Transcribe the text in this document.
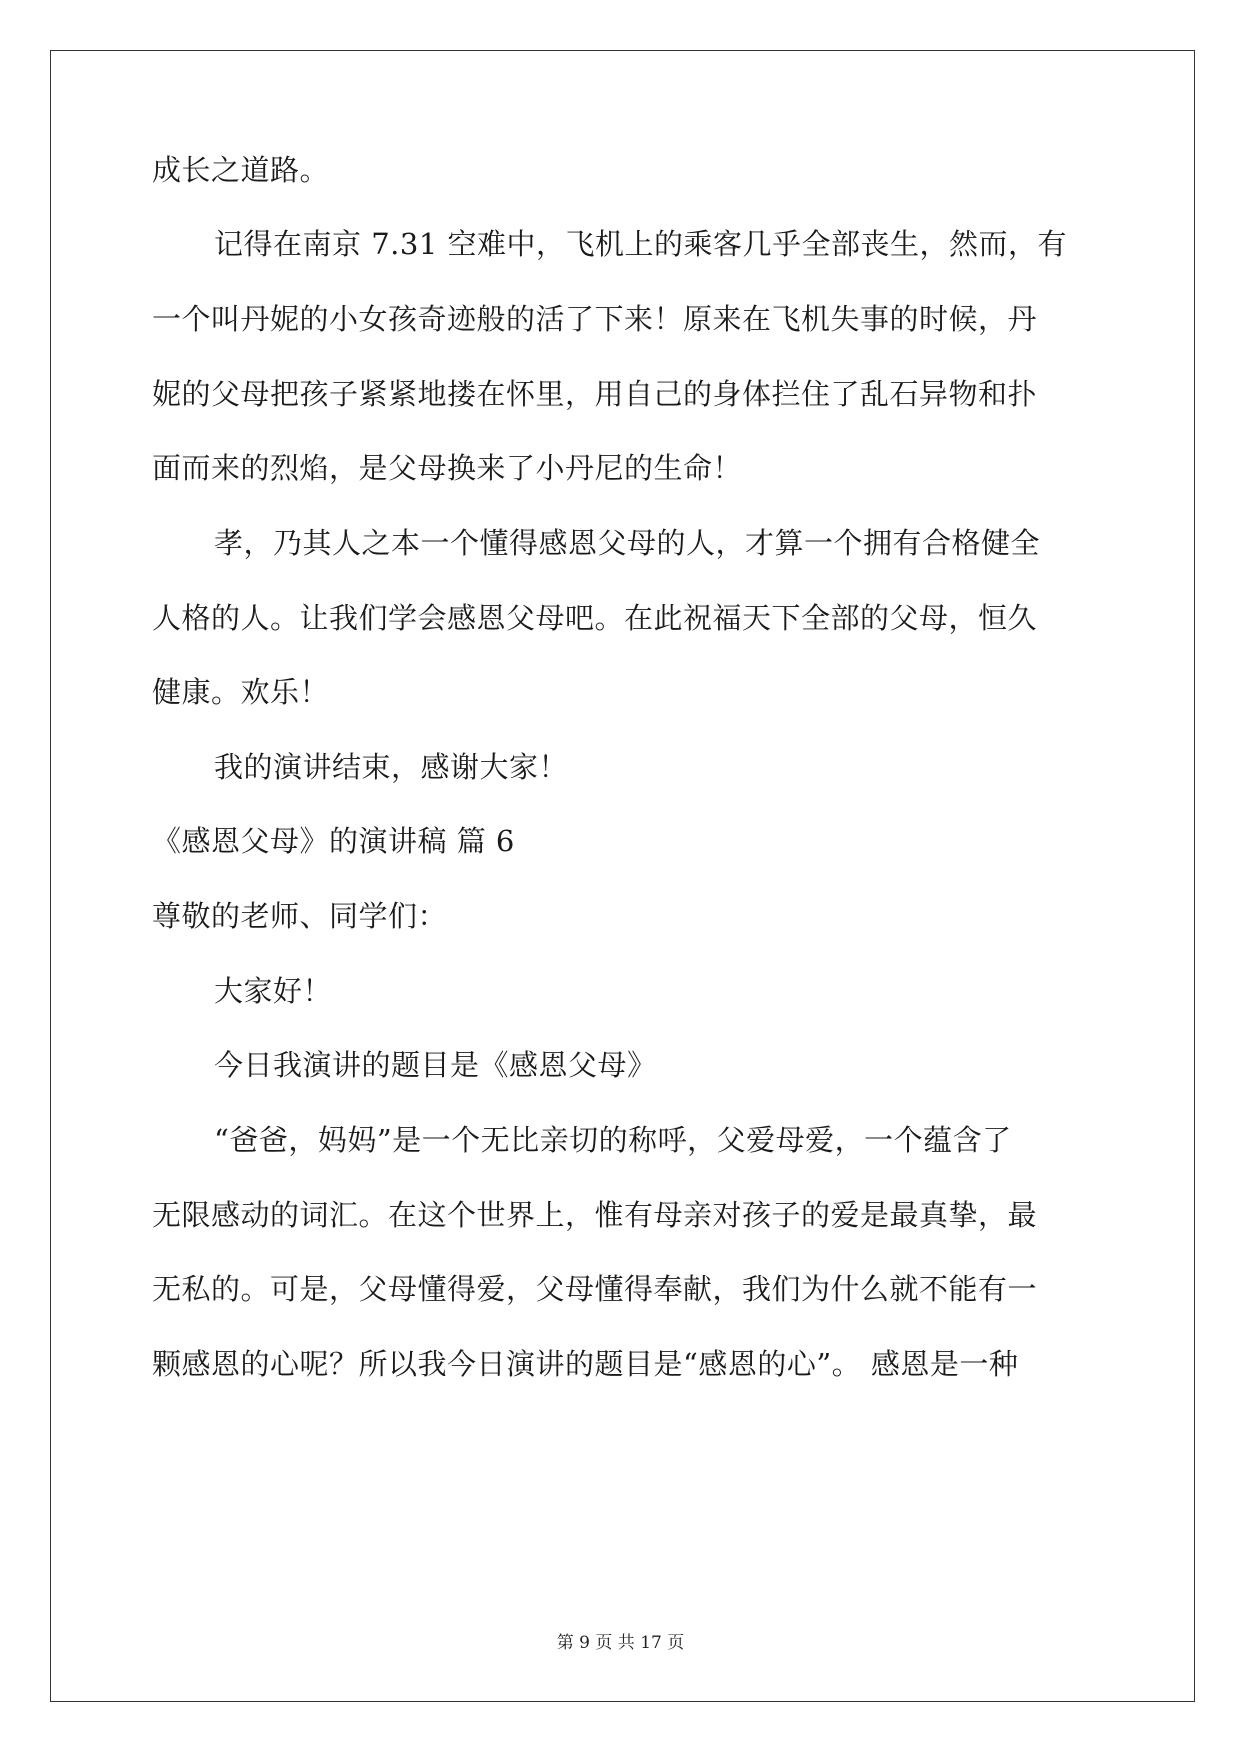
成长之道路。
记得在南京 7.31 空难中，飞机上的乘客几乎全部丧生，然而，有
一个叫丹妮的小女孩奇迹般的活了下来！原来在飞机失事的时候，丹
妮的父母把孩子紧紧地搂在怀里，用自己的身体拦住了乱石异物和扑
面而来的烈焰，是父母换来了小丹尼的生命！
孝，乃其人之本一个懂得感恩父母的人，才算一个拥有合格健全
人格的人。让我们学会感恩父母吧。在此祝福天下全部的父母，恒久
健康。欢乐！
我的演讲结束，感谢大家！
《感恩父母》的演讲稿 篇 6
尊敬的老师、同学们：
大家好！
今日我演讲的题目是《感恩父母》
“爸爸，妈妈”是一个无比亲切的称呼，父爱母爱，一个蕴含了
无限感动的词汇。在这个世界上，惟有母亲对孩子的爱是最真挚，最
无私的。可是，父母懂得爱，父母懂得奉献，我们为什么就不能有一
颗感恩的心呢？所以我今日演讲的题目是“感恩的心”。 感恩是一种
第 9 页 共 17 页
